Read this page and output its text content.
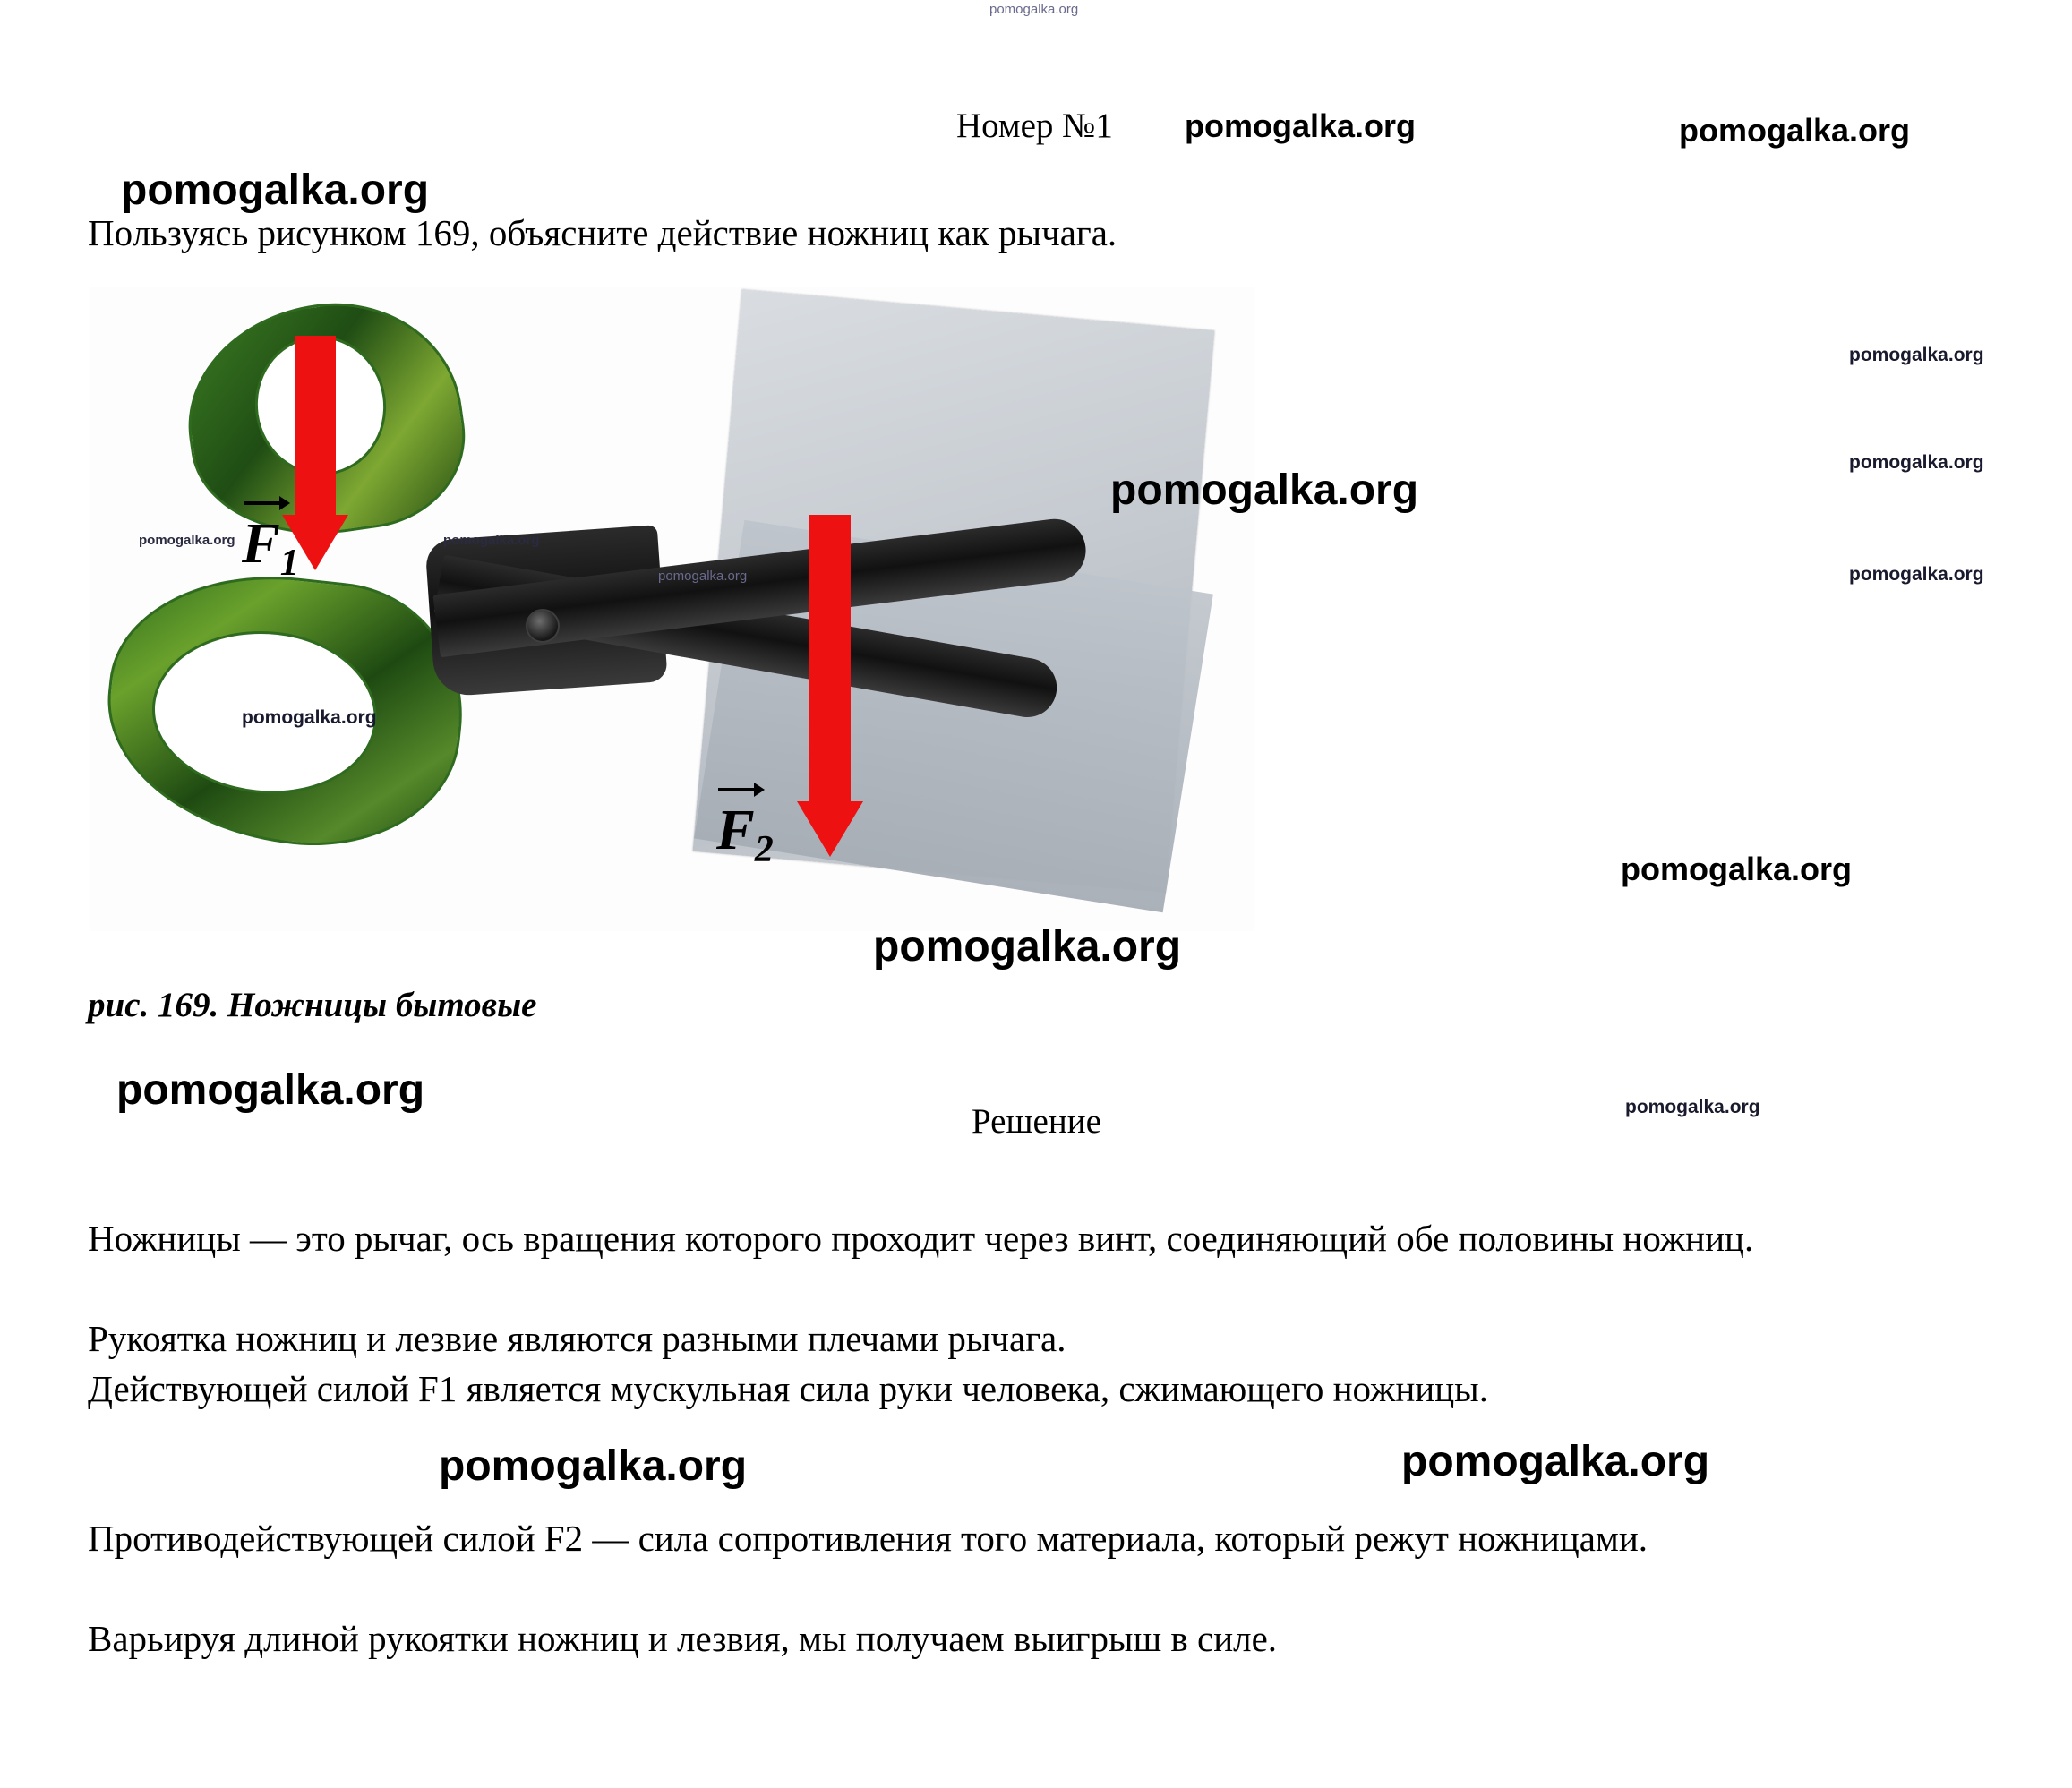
Номер №1 pomogalka.org	pomogalka.org
pomogalka.org
pomogalka.org
Пользуясь рисунком 169, объясните действие ножниц как рычага.
$F_1$
$F_2$
pomogalka.org	pomogalka.org
pomogalka.org
pomogalka.org
pomogalka.org
pomogalka.org
pomogalka.org
pomogalka.org
pomogalka.org
pomogalka.org
рис. 169. Ножницы бытовые
pomogalka.org
Решение	pomogalka.org
Ножницы — это рычаг, ось вращения которого проходит через винт, соединяющий обе половины ножниц.
Рукоятка ножниц и лезвие являются разными плечами рычага.
Действующей силой F1 является мускульная сила руки человека, сжимающего ножницы.
Противодействующей силой F2 — сила сопротивления того материала, который режут ножницами.
Варьируя длиной рукоятки ножниц и лезвия, мы получаем выигрыш в силе.
pomogalka.org	pomogalka.org
